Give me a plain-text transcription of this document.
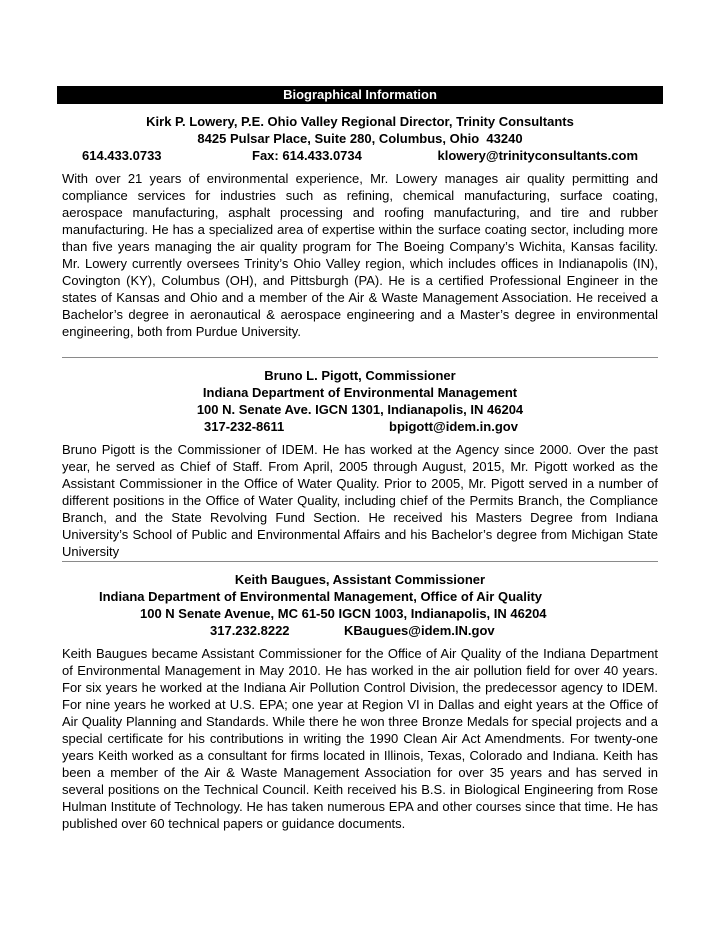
Biographical Information
Kirk P. Lowery, P.E. Ohio Valley Regional Director, Trinity Consultants
8425 Pulsar Place, Suite 280, Columbus, Ohio  43240
614.433.0733	Fax: 614.433.0734	klowery@trinityconsultants.com
With over 21 years of environmental experience, Mr. Lowery manages air quality permitting and compliance services for industries such as refining, chemical manufacturing, surface coating, aerospace manufacturing, asphalt processing and roofing manufacturing, and tire and rubber manufacturing. He has a specialized area of expertise within the surface coating sector, including more than five years managing the air quality program for The Boeing Company’s Wichita, Kansas facility. Mr. Lowery currently oversees Trinity’s Ohio Valley region, which includes offices in Indianapolis (IN), Covington (KY), Columbus (OH), and Pittsburgh (PA). He is a certified Professional Engineer in the states of Kansas and Ohio and a member of the Air & Waste Management Association. He received a Bachelor’s degree in aeronautical & aerospace engineering and a Master’s degree in environmental engineering, both from Purdue University.
Bruno L. Pigott, Commissioner
Indiana Department of Environmental Management
100 N. Senate Ave. IGCN 1301, Indianapolis, IN 46204
317-232-8611	bpigott@idem.in.gov
Bruno Pigott is the Commissioner of IDEM. He has worked at the Agency since 2000. Over the past year, he served as Chief of Staff. From April, 2005 through August, 2015, Mr. Pigott worked as the Assistant Commissioner in the Office of Water Quality. Prior to 2005, Mr. Pigott served in a number of different positions in the Office of Water Quality, including chief of the Permits Branch, the Compliance Branch, and the State Revolving Fund Section. He received his Masters Degree from Indiana University’s School of Public and Environmental Affairs and his Bachelor’s degree from Michigan State University
Keith Baugues, Assistant Commissioner
Indiana Department of Environmental Management, Office of Air Quality
100 N Senate Avenue, MC 61-50 IGCN 1003, Indianapolis, IN 46204
317.232.8222	KBaugues@idem.IN.gov
Keith Baugues became Assistant Commissioner for the Office of Air Quality of the Indiana Department of Environmental Management in May 2010. He has worked in the air pollution field for over 40 years. For six years he worked at the Indiana Air Pollution Control Division, the predecessor agency to IDEM. For nine years he worked at U.S. EPA; one year at Region VI in Dallas and eight years at the Office of Air Quality Planning and Standards. While there he won three Bronze Medals for special projects and a special certificate for his contributions in writing the 1990 Clean Air Act Amendments. For twenty-one years Keith worked as a consultant for firms located in Illinois, Texas, Colorado and Indiana. Keith has been a member of the Air & Waste Management Association for over 35 years and has served in several positions on the Technical Council. Keith received his B.S. in Biological Engineering from Rose Hulman Institute of Technology. He has taken numerous EPA and other courses since that time. He has published over 60 technical papers or guidance documents.
